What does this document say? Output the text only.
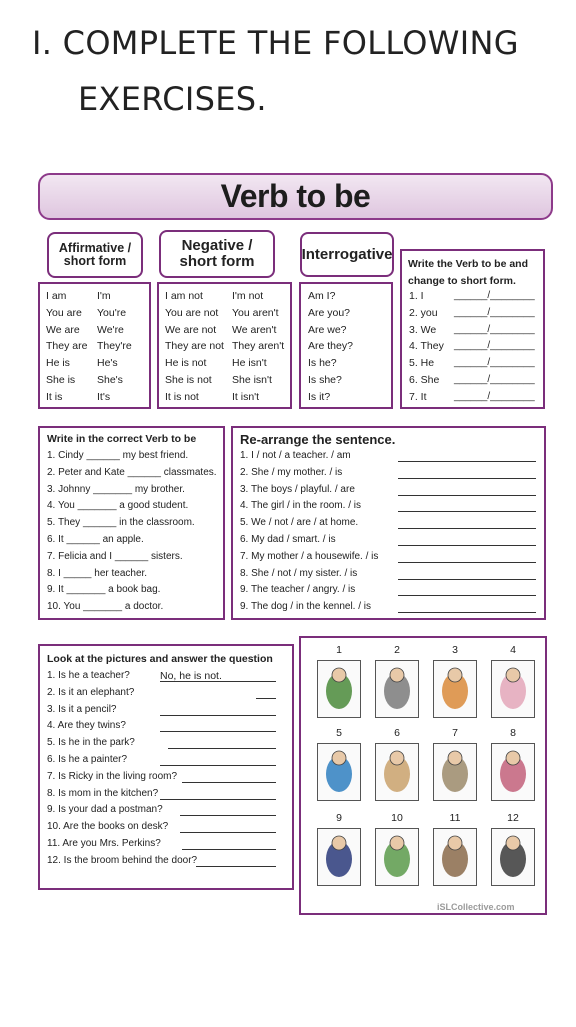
I. COMPLETE THE FOLLOWING
EXERCISES.
Verb to be
Affirmative / short form
Negative / short form	Interrogative
I am	I'm
You are You're
We are We're
They are They're
He is	He's
She is She's
It is	It's
I am not	I'm not
You are not You aren't
We are not We aren't
They are not They aren't
He is not He isn't
She is not She isn't
It is not	It isn't
Am I?
Are you?
Are we?
Are they?
Is he?
Is she?
Is it?
Write the Verb to be and change to short form.
1. I	______/________
2. you ______/________
3. We ______/________
4. They ______/________
5. He ______/________
6. She ______/________
7. It	______/________
Write in the correct Verb to be
1. Cindy ______ my best friend.
2. Peter and Kate ______ classmates.
3. Johnny _______ my brother.
4. You _______ a good student.
5. They ______ in the classroom.
6. It ______ an apple.
7. Felicia and I ______ sisters.
8. I _____ her teacher.
9. It _______ a book bag.
10. You _______ a doctor.
Re-arrange the sentence.
1. I / not / a teacher. / am
2. She / my mother. / is
3. The boys / playful. / are
4. The girl / in the room. / is
5. We / not / are / at home.
6. My dad / smart. / is
7. My mother / a housewife. / is
8. She / not / my sister. / is
9. The teacher / angry. / is
9. The dog / in the kennel. / is
Look at the pictures and answer the question
1. Is he a teacher?
2. Is it an elephant?
3. Is it a pencil?
4. Are they twins?
5. Is he in the park?
6. Is he a painter?
7. Is Ricky in the living room?
8. Is mom in the kitchen?
9. Is your dad a postman?
10. Are the books on desk?
11. Are you Mrs. Perkins?
12. Is the broom behind the door?
No, he is not.
1	2	3	4
5	6	7	8
9	10	11	12
iSLCollective.com
